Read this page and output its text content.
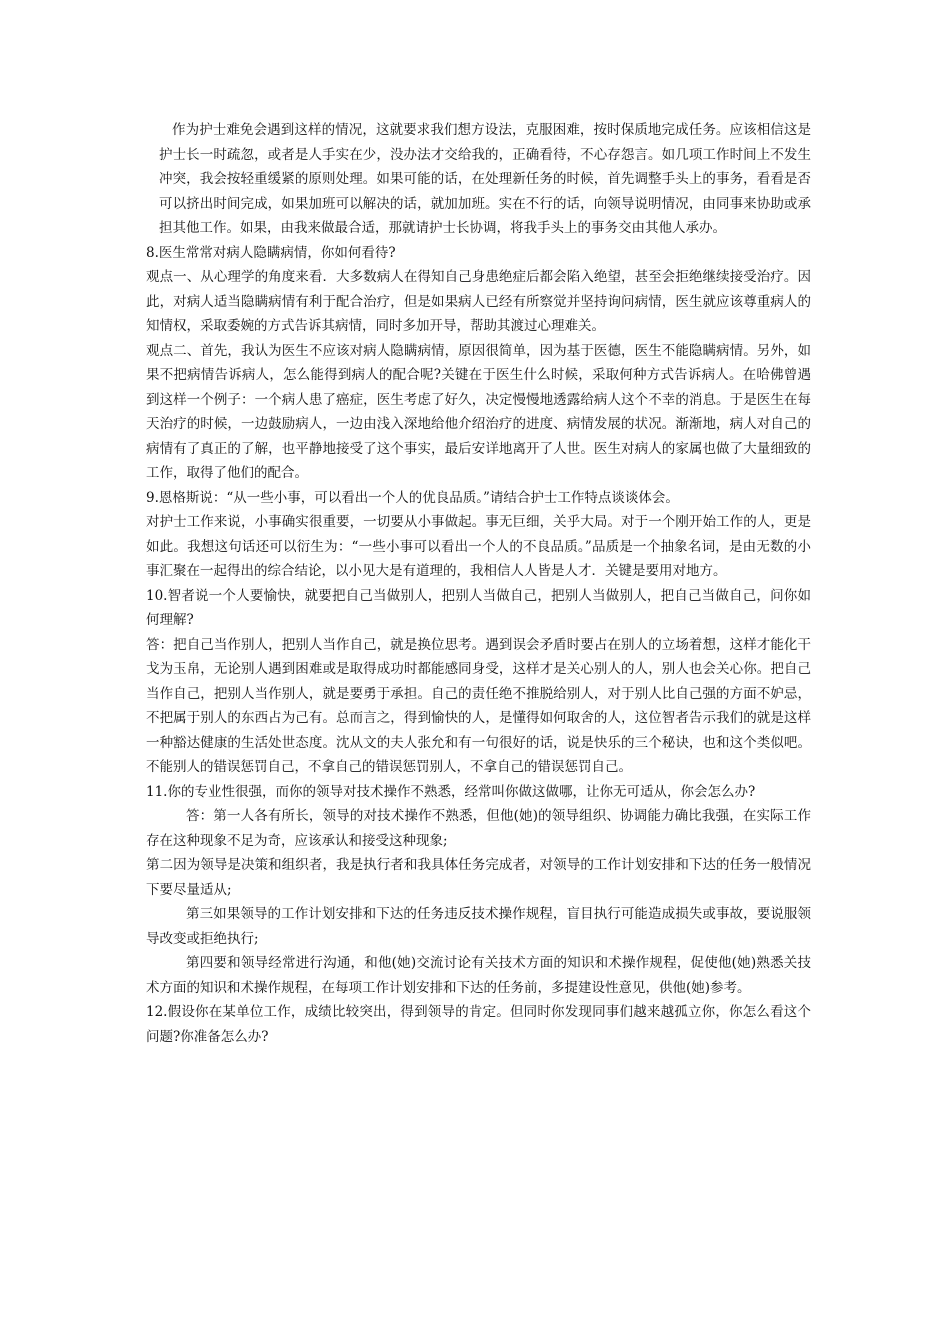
作为护士难免会遇到这样的情况，这就要求我们想方设法，克服困难，按时保质地完成任务。应该相信这是护士长一时疏忽，或者是人手实在少，没办法才交给我的，正确看待，不心存怨言。如几项工作时间上不发生冲突，我会按轻重缓紧的原则处理。如果可能的话，在处理新任务的时候，首先调整手头上的事务，看看是否可以挤出时间完成，如果加班可以解决的话，就加加班。实在不行的话，向领导说明情况，由同事来协助或承担其他工作。如果，由我来做最合适，那就请护士长协调，将我手头上的事务交由其他人承办。

8.医生常常对病人隐瞒病情，你如何看待?

观点一、从心理学的角度来看．大多数病人在得知自己身患绝症后都会陷入绝望，甚至会拒绝继续接受治疗。因此，对病人适当隐瞒病情有利于配合治疗，但是如果病人已经有所察觉并坚持询问病情，医生就应该尊重病人的知情权，采取委婉的方式告诉其病情，同时多加开导，帮助其渡过心理难关。

观点二、首先，我认为医生不应该对病人隐瞒病情，原因很简单，因为基于医德，医生不能隐瞒病情。另外，如果不把病情告诉病人，怎么能得到病人的配合呢?关键在于医生什么时候，采取何种方式告诉病人。在哈佛曾遇到这样一个例子：一个病人患了癌症，医生考虑了好久，决定慢慢地透露给病人这个不幸的消息。于是医生在每天治疗的时候，一边鼓励病人，一边由浅入深地给他介绍治疗的进度、病情发展的状况。渐渐地，病人对自己的病情有了真正的了解，也平静地接受了这个事实，最后安详地离开了人世。医生对病人的家属也做了大量细致的工作，取得了他们的配合。

9.恩格斯说：“从一些小事，可以看出一个人的优良品质。”请结合护士工作特点谈谈体会。

对护士工作来说，小事确实很重要，一切要从小事做起。事无巨细，关乎大局。对于一个刚开始工作的人，更是如此。我想这句话还可以衍生为：“一些小事可以看出一个人的不良品质。”品质是一个抽象名词，是由无数的小事汇聚在一起得出的综合结论，以小见大是有道理的，我相信人人皆是人才．关键是要用对地方。

10.智者说一个人要愉快，就要把自己当做别人，把别人当做自己，把别人当做别人，把自己当做自己，问你如何理解?

答：把自己当作别人，把别人当作自己，就是换位思考。遇到误会矛盾时要占在别人的立场着想，这样才能化干戈为玉帛，无论别人遇到困难或是取得成功时都能感同身受，这样才是关心别人的人，别人也会关心你。把自己当作自己，把别人当作别人，就是要勇于承担。自己的责任绝不推脱给别人，对于别人比自己强的方面不妒忌，不把属于别人的东西占为己有。总而言之，得到愉快的人，是懂得如何取舍的人，这位智者告示我们的就是这样一种豁达健康的生活处世态度。沈从文的夫人张允和有一句很好的话，说是快乐的三个秘诀，也和这个类似吧。不能别人的错误惩罚自己，不拿自己的错误惩罚别人，不拿自己的错误惩罚自己。

11.你的专业性很强，而你的领导对技术操作不熟悉，经常叫你做这做哪，让你无可适从，你会怎么办?

答：第一人各有所长，领导的对技术操作不熟悉，但他(她)的领导组织、协调能力确比我强，在实际工作存在这种现象不足为奇，应该承认和接受这种现象;

第二因为领导是决策和组织者，我是执行者和我具体任务完成者，对领导的工作计划安排和下达的任务一般情况下要尽量适从;

第三如果领导的工作计划安排和下达的任务违反技术操作规程，盲目执行可能造成损失或事故，要说服领导改变或拒绝执行;

第四要和领导经常进行沟通，和他(她)交流讨论有关技术方面的知识和术操作规程，促使他(她)熟悉关技术方面的知识和术操作规程，在每项工作计划安排和下达的任务前，多提建设性意见，供他(她)参考。

12.假设你在某单位工作，成绩比较突出，得到领导的肯定。但同时你发现同事们越来越孤立你，你怎么看这个问题?你准备怎么办?
